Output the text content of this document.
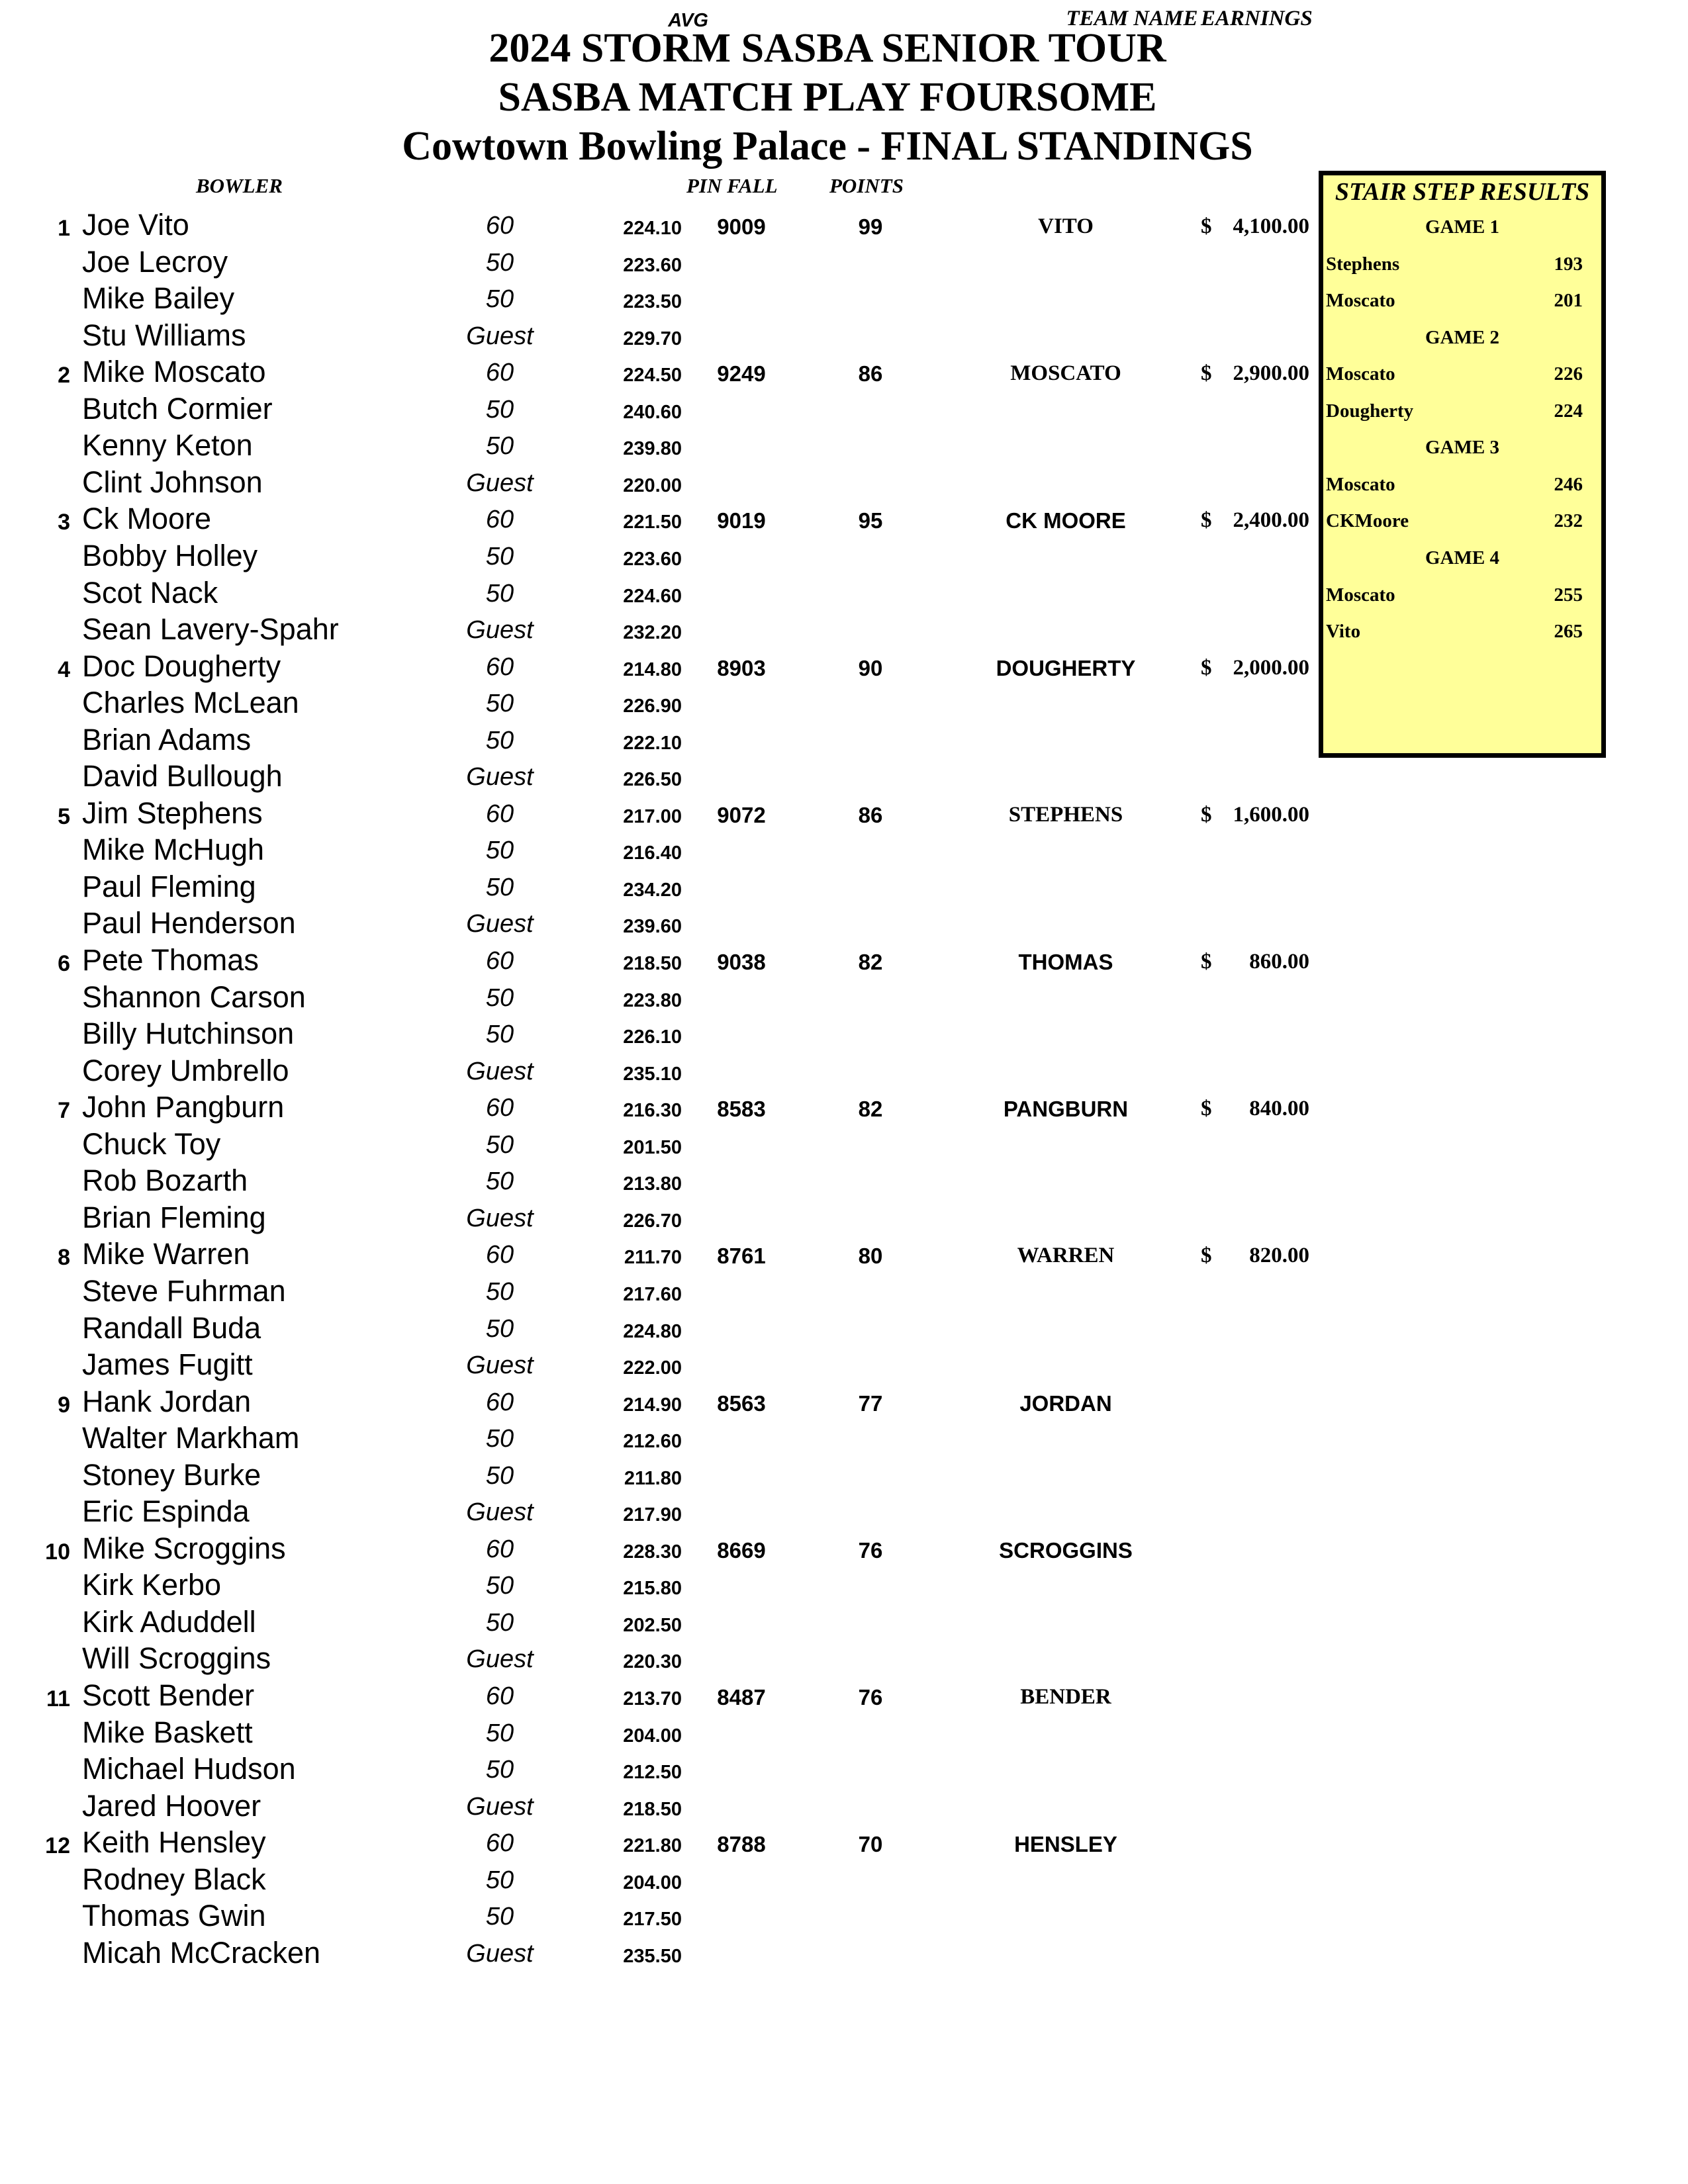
2024 STORM SASBA SENIOR TOUR
SASBA MATCH PLAY FOURSOME
Cowtown Bowling Palace - FINAL STANDINGS
BOWLER
AVG
PIN FALL	POINTS
TEAM NAME EARNINGS
1 Joe Vito	60	224.10	9009	99	VITO	$ 4,100.00
Joe Lecroy	50	223.60
Mike Bailey	50	223.50
Stu Williams	Guest	229.70
2 Mike Moscato	60	224.50	9249	86	MOSCATO	$ 2,900.00
Butch Cormier	50	240.60
Kenny Keton	50	239.80
Clint Johnson	Guest	220.00
3 Ck Moore	60	221.50	9019	95	CK MOORE	$ 2,400.00
Bobby Holley	50	223.60
Scot Nack	50	224.60
Sean Lavery-Spahr	Guest	232.20
4 Doc Dougherty	60	214.80	8903	90	DOUGHERTY	$ 2,000.00
Charles McLean	50	226.90
Brian Adams	50	222.10
David Bullough	Guest	226.50
5 Jim Stephens	60	217.00	9072	86	STEPHENS	$ 1,600.00
Mike McHugh	50	216.40
Paul Fleming	50	234.20
Paul Henderson	Guest	239.60
6 Pete Thomas	60	218.50	9038	82	THOMAS	$ 860.00
Shannon Carson	50	223.80
Billy Hutchinson	50	226.10
Corey Umbrello	Guest	235.10
7 John Pangburn	60	216.30	8583	82	PANGBURN	$ 840.00
Chuck Toy	50	201.50
Rob Bozarth	50	213.80
Brian Fleming	Guest	226.70
8 Mike Warren	60	211.70	8761	80	WARREN	$ 820.00
Steve Fuhrman	50	217.60
Randall Buda	50	224.80
James Fugitt	Guest	222.00
9 Hank Jordan	60	214.90	8563	77	JORDAN
Walter Markham	50	212.60
Stoney Burke	50	211.80
Eric Espinda	Guest	217.90
10 Mike Scroggins	60	228.30	8669	76	SCROGGINS
Kirk Kerbo	50	215.80
Kirk Aduddell	50	202.50
Will Scroggins	Guest	220.30
11 Scott Bender	60	213.70	8487	76	BENDER
Mike Baskett	50	204.00
Michael Hudson	50	212.50
Jared Hoover	Guest	218.50
12 Keith Hensley	60	221.80	8788	70	HENSLEY
Rodney Black	50	204.00
Thomas Gwin	50	217.50
Micah McCracken	Guest	235.50
STAIR STEP RESULTS
GAME 1
Stephens	193
Moscato	201
GAME 2
Moscato	226
Dougherty	224
GAME 3
Moscato	246
CKMoore	232
GAME 4
Moscato	255
Vito	265
